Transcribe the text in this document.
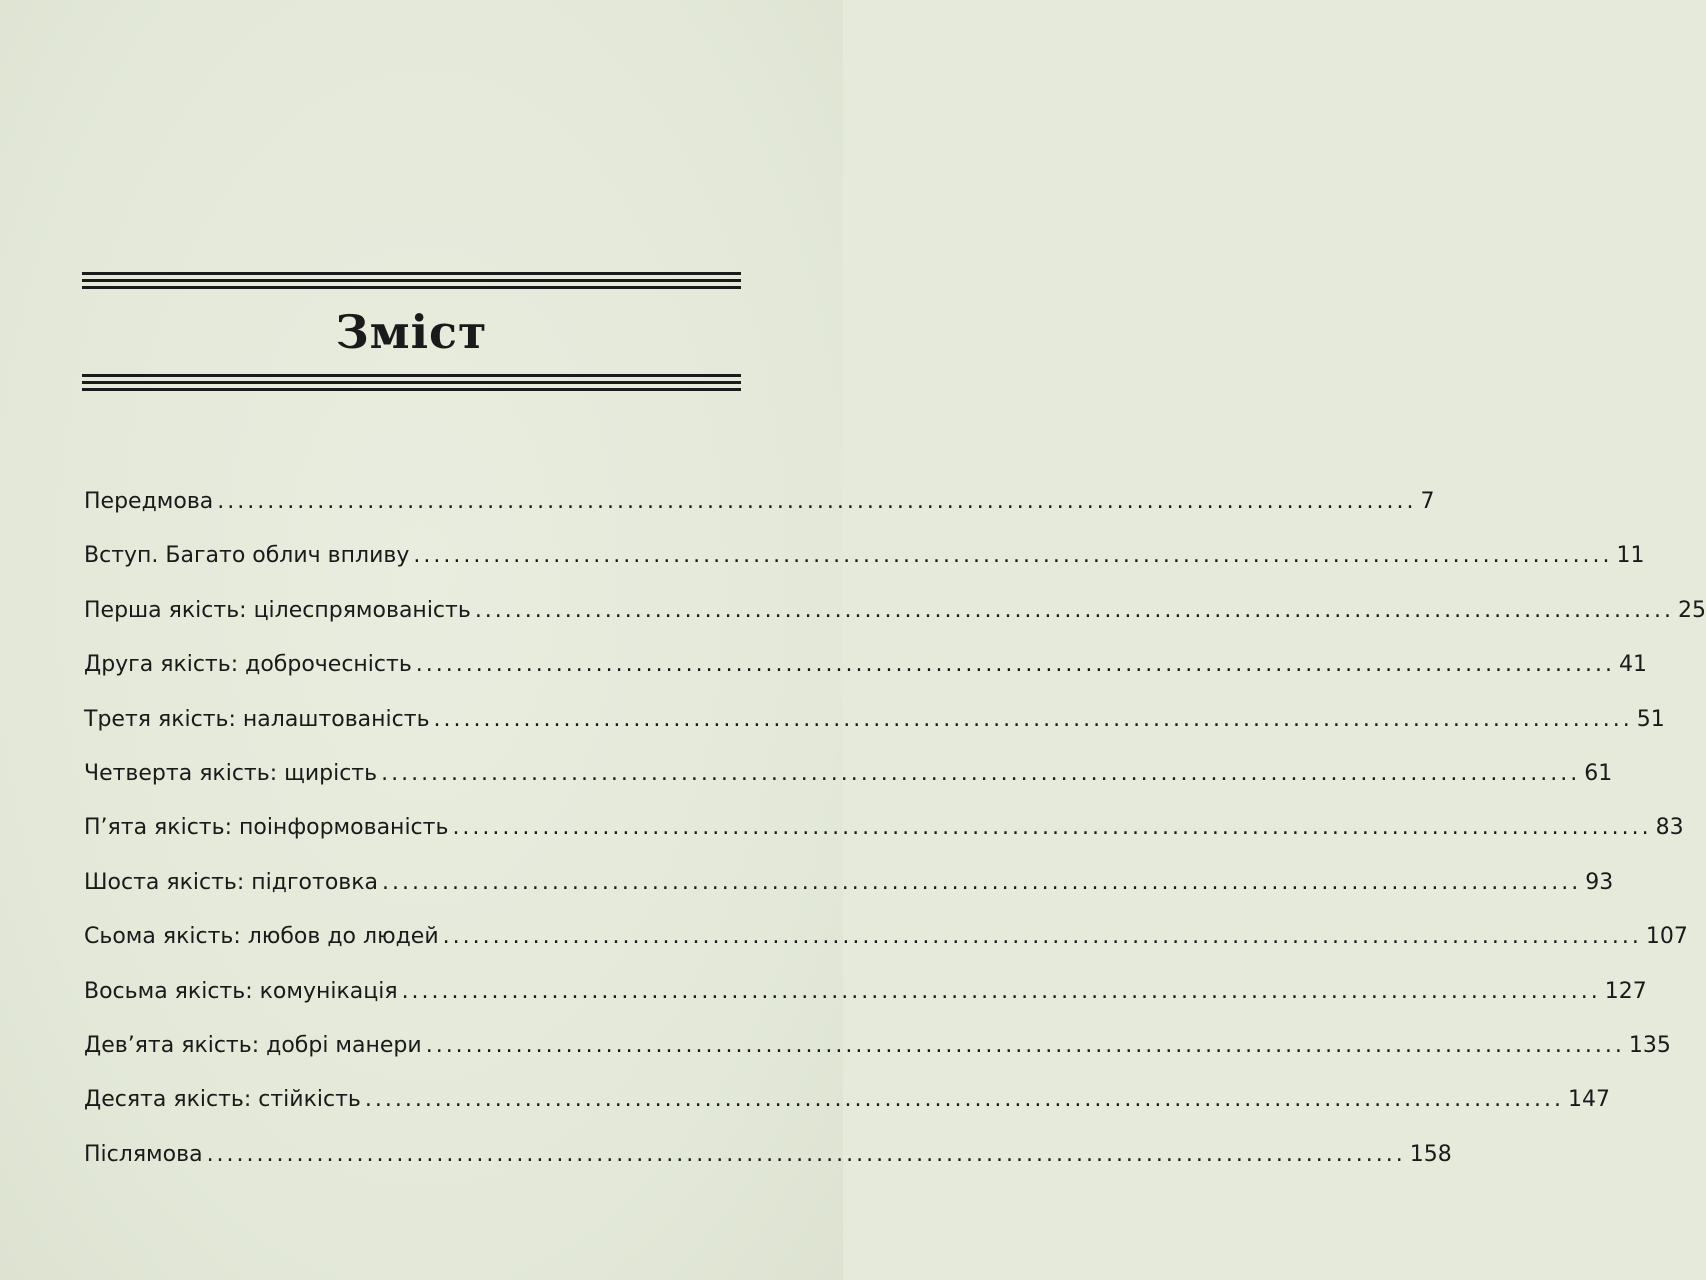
Зміст
Передмова ........................................................................................................................ 7
Вступ. Багато облич впливу ........................................................................................................................ 11
Перша якість: цілеспрямованість ........................................................................................................................ 25
Друга якість: доброчесність ........................................................................................................................ 41
Третя якість: налаштованість ........................................................................................................................ 51
Четверта якість: щирість ........................................................................................................................ 61
П’ята якість: поінформованість ........................................................................................................................ 83
Шоста якість: підготовка ........................................................................................................................ 93
Сьома якість: любов до людей ........................................................................................................................ 107
Восьма якість: комунікація ........................................................................................................................ 127
Дев’ята якість: добрі манери ........................................................................................................................ 135
Десята якість: стійкість ........................................................................................................................ 147
Післямова ........................................................................................................................ 158
